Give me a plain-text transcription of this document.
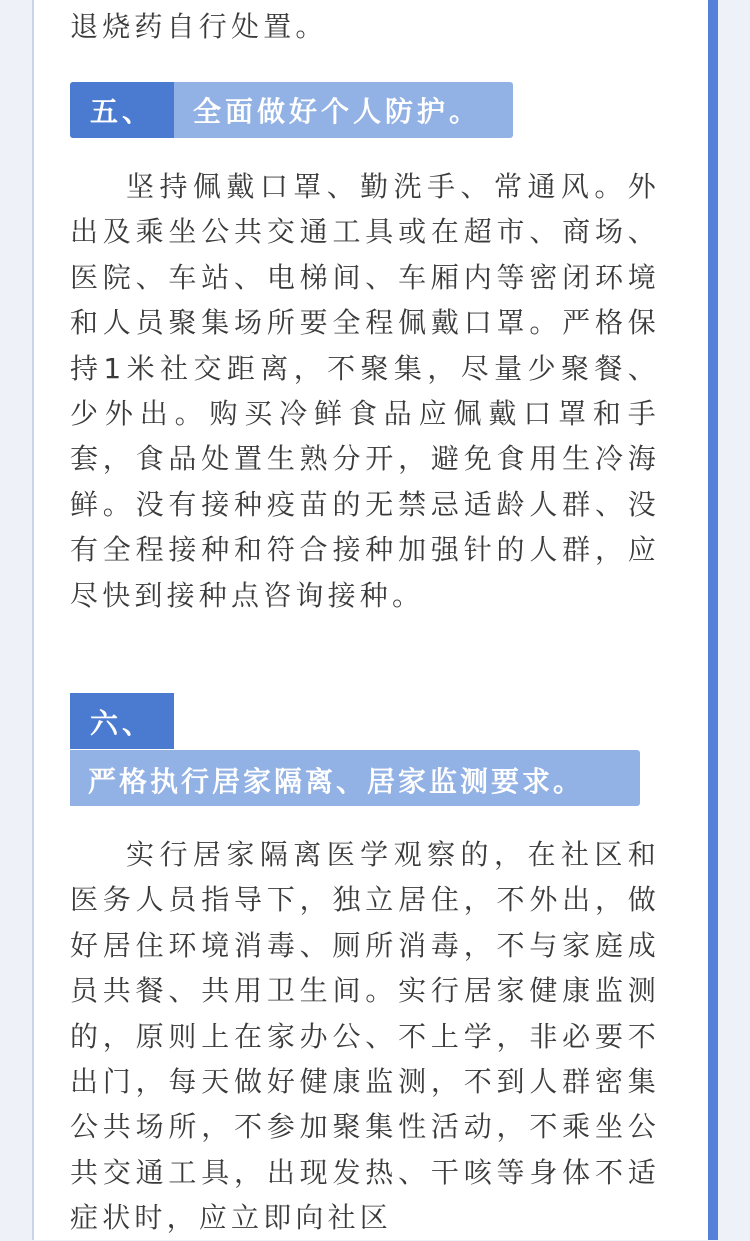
退烧药自行处置。

五、 全面做好个人防护。

坚持佩戴口罩、勤洗手、常通风。外出及乘坐公共交通工具或在超市、商场、医院、车站、电梯间、车厢内等密闭环境和人员聚集场所要全程佩戴口罩。严格保持1米社交距离，不聚集，尽量少聚餐、少外出。购买冷鲜食品应佩戴口罩和手套，食品处置生熟分开，避免食用生冷海鲜。没有接种疫苗的无禁忌适龄人群、没有全程接种和符合接种加强针的人群，应尽快到接种点咨询接种。

六、
严格执行居家隔离、居家监测要求。

实行居家隔离医学观察的，在社区和医务人员指导下，独立居住，不外出，做好居住环境消毒、厕所消毒，不与家庭成员共餐、共用卫生间。实行居家健康监测的，原则上在家办公、不上学，非必要不出门，每天做好健康监测，不到人群密集公共场所，不参加聚集性活动，不乘坐公共交通工具，出现发热、干咳等身体不适症状时，应立即向社区
